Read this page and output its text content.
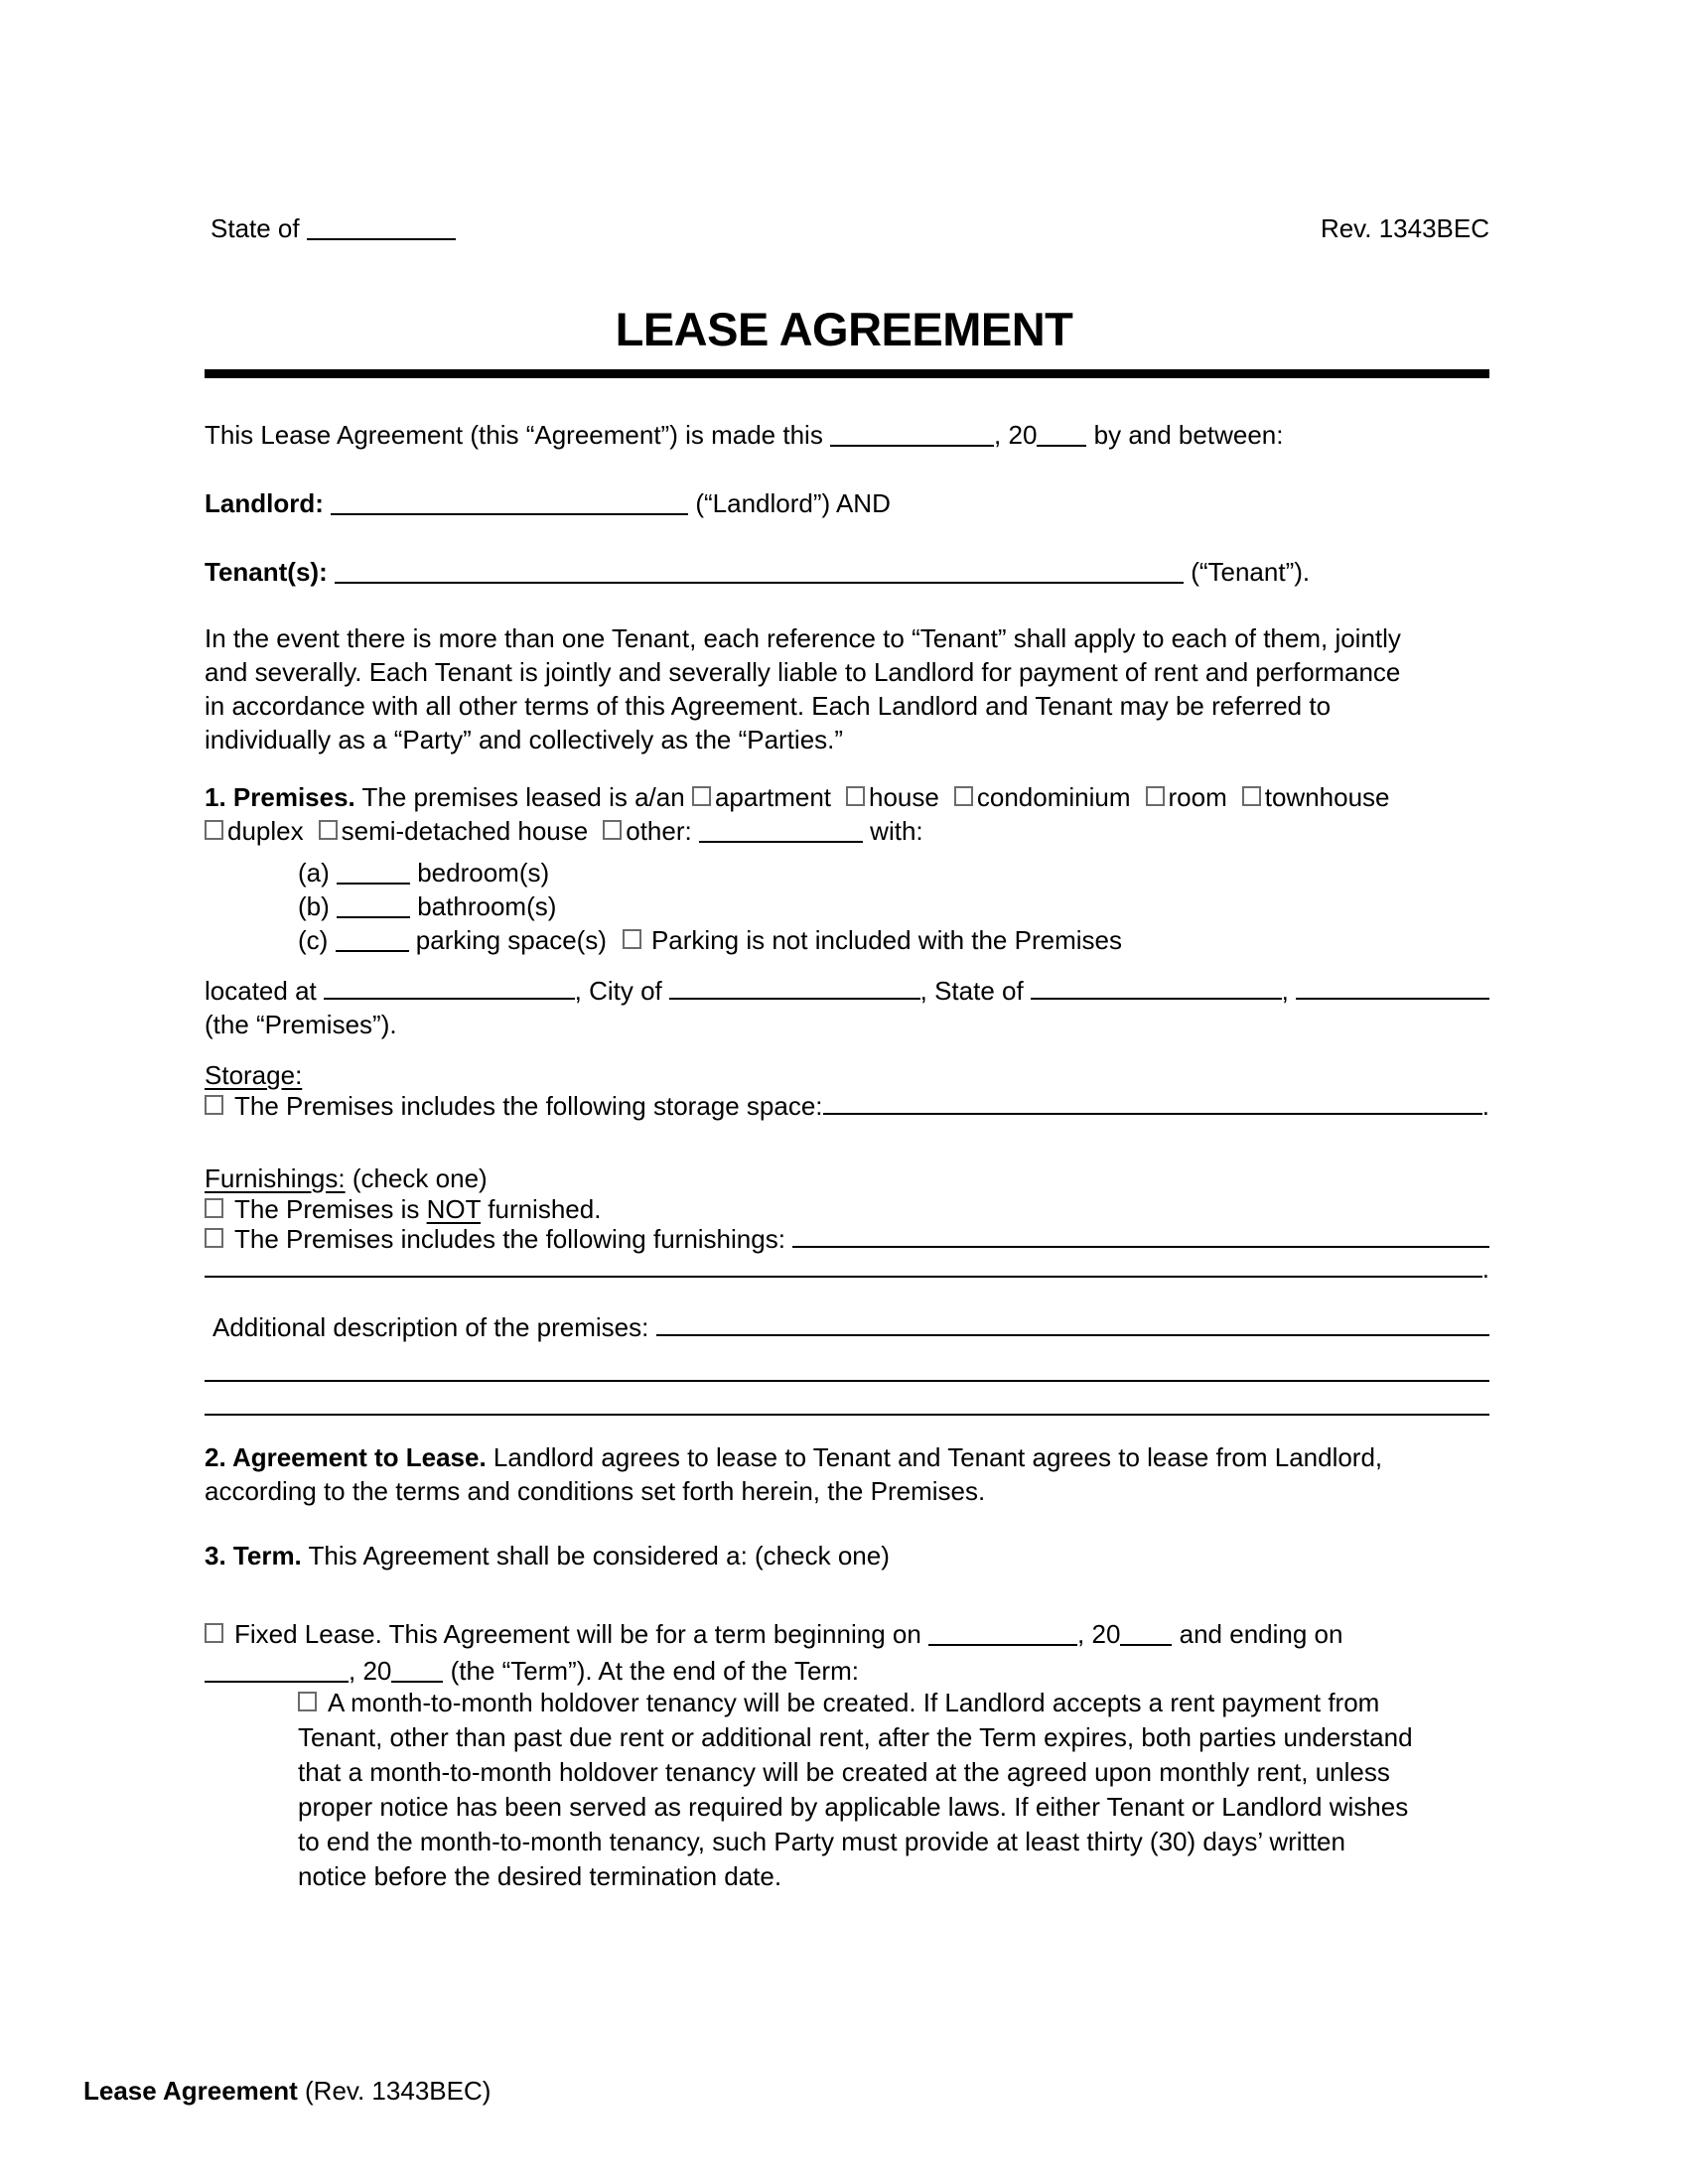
State of	Rev. 1343BEC
LEASE AGREEMENT
This Lease Agreement (this “Agreement”) is made this	, 20 by and between:
Landlord:	(“Landlord”) AND
Tenant(s):	(“Tenant”).
In the event there is more than one Tenant, each reference to “Tenant” shall apply to each of them, jointly
and severally. Each Tenant is jointly and severally liable to Landlord for payment of rent and performance
in accordance with all other terms of this Agreement. Each Landlord and Tenant may be referred to
individually as a “Party” and collectively as the “Parties.”
1. Premises. The premises leased is a/an apartment house condominium room townhouse
duplex semi-detached house other:	with:
(a)	bedroom(s)
(b)	bathroom(s)
(c)	parking space(s) Parking is not included with the Premises
located at	, City of	, State of	,
(the “Premises”).
Storage:
The Premises includes the following storage space:	.
Furnishings: (check one)
The Premises is NOT furnished.
The Premises includes the following furnishings:
.
Additional description of the premises:
2. Agreement to Lease. Landlord agrees to lease to Tenant and Tenant agrees to lease from Landlord,
according to the terms and conditions set forth herein, the Premises.
3. Term. This Agreement shall be considered a: (check one)
Fixed Lease. This Agreement will be for a term beginning on	, 20 and ending on
, 20 (the “Term”). At the end of the Term:
A month-to-month holdover tenancy will be created. If Landlord accepts a rent payment from
Tenant, other than past due rent or additional rent, after the Term expires, both parties understand
that a month-to-month holdover tenancy will be created at the agreed upon monthly rent, unless
proper notice has been served as required by applicable laws. If either Tenant or Landlord wishes
to end the month-to-month tenancy, such Party must provide at least thirty (30) days’ written
notice before the desired termination date.
Lease Agreement (Rev. 1343BEC)
